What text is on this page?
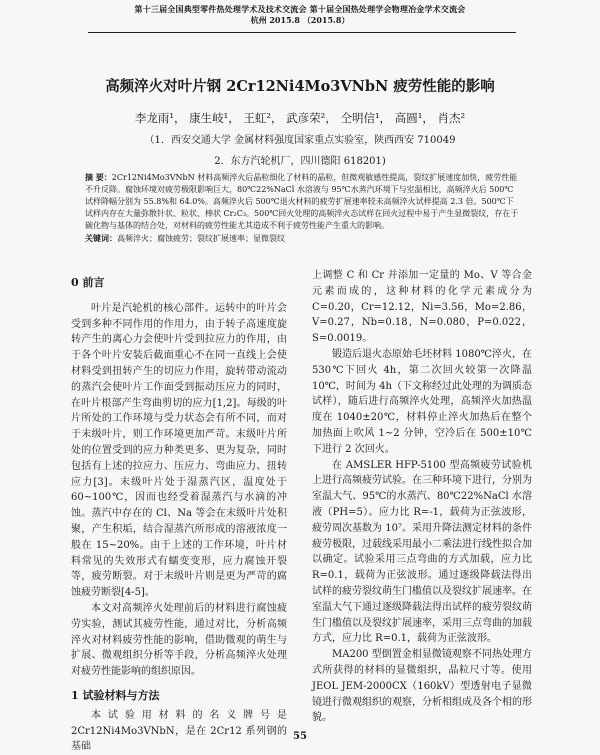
第十三届全国典型零件热处理学术及技术交流会 第十届全国热处理学会物理冶金学术交流会
杭州 2015.8 （2015.8）
高频淬火对叶片钢 2Cr12Ni4Mo3VNbN 疲劳性能的影响
李龙雨¹， 康生岐¹， 王虹²， 武彦荣²， 仝明信¹， 高圆¹， 肖杰²
（1．西安交通大学 金属材料强度国家重点实验室，陕西西安 710049
2．东方汽轮机厂，四川德阳 618201)
摘 要：2Cr12Ni4Mo3VNbN 材料高频淬火后晶粒细化了材料的晶粒，但微观敏感性提高，裂纹扩展速度加快，疲劳性能不升反降。腐蚀环境对疲劳极限影响巨大，80℃22%NaCl 水溶液与 95℃水蒸汽环境下与室温相比，高频淬火后 500℃试样降幅分别为 55.8%和 64.0%。高频淬火后 500℃退火材料的疲劳扩展速率较未高频淬火试样提高 2.3 倍。500℃下试样内存在大量弥散针状、粒状、棒状 Cr₂C₃。500℃回火处理的高频淬火态试样在回火过程中易于产生显微裂纹，存在于碳化物与基体的结合处，对材料的疲劳性能尤其造成不利于疲劳性能产生重大的影响。
关键词：高频淬火；腐蚀疲劳；裂纹扩展速率；显微裂纹
0 前言

叶片是汽轮机的核心部件。运转中的叶片会受到多种不同作用的作用力，由于转子高速度旋转产生的离心力会使叶片受到拉应力的作用，由于各个叶片安装后截面重心不在同一直线上会使材料受到扭转产生的切应力作用，旋转带动流动的蒸汽会使叶片工作面受到振动压应力的同时，在叶片根部产生弯曲剪切的应力[1,2]。每级的叶片所处的工作环境与受力状态会有所不同，而对于末级叶片，则工作环境更加严苛。末级叶片所处的位置受到的应力种类更多、更为复杂，同时包括有上述的拉应力、压应力、弯曲应力、扭转应力[3]。末级叶片处于湿蒸汽区，温度处于 60~100℃，因而也经受着湿蒸汽与水滴的冲蚀。蒸汽中存在的 Cl、Na 等会在末级叶片处积聚，产生积垢，结合湿蒸汽所形成的溶液浓度一般在 15~20%。由于上述的工作环境，叶片材料常见的失效形式有蠕变变形，应力腐蚀开裂等，疲劳断裂。对于末级叶片则是更为严苛的腐蚀疲劳断裂[4-5]。

本文对高频淬火处理前后的材料进行腐蚀疲劳实验，测试其疲劳性能，通过对比，分析高频淬火对材料疲劳性能的影响，借助微观的萌生与扩展、微观组织分析等手段，分析高频淬火处理对疲劳性能影响的组织原因。

1 试验材料与方法

本试验用材料的名义牌号是 2Cr12Ni4Mo3VNbN，是在 2Cr12 系列钢的基础

上调整 C 和 Cr 并添加一定量的 Mo、V 等合金元素而成的，这种材料的化学元素成分为 C=0.20，Cr=12.12，Ni=3.56，Mo=2.86，V=0.27，Nb=0.18，N=0.080，P=0.022，S=0.0019。

锻造后退火态原始毛坯材料 1080℃淬火，在 530℃下回火 4h，第二次回火较第一次降温 10℃，时间为 4h（下文称经过此处理的为调质态试样），随后进行高频淬火处理，高频淬火加热温度在 1040±20℃，材料停止淬火加热后在整个加热面上吹风 1~2 分钟，空冷后在 500±10℃下进行 2 次回火。

在 AMSLER HFP-5100 型高频疲劳试验机上进行高频疲劳试验。在三种环境下进行，分别为室温大气、95℃的水蒸汽、80℃22%NaCl 水溶液（PH=5）。应力比 R=-1，载荷为正弦波形，疲劳周次基数为 10⁷。采用升降法测定材料的条件疲劳极限，过载线采用最小二乘法进行线性拟合加以确定。试验采用三点弯曲的方式加载，应力比 R=0.1，载荷为正弦波形。通过逐级降载法得出试样的疲劳裂纹萌生门槛值以及裂纹扩展速率。在室温大气下通过逐级降载法得出试样的疲劳裂纹萌生门槛值以及裂纹扩展速率，采用三点弯曲的加载方式，应力比 R=0.1，载荷为正弦波形。

MA200 型倒置金相显微镜观察不同热处理方式所获得的材料的显微组织，晶粒尺寸等。使用 JEOL JEM-2000CX（160kV）型透射电子显微镜进行微观组织的观察，分析相组成及各个相的形貌。

55
